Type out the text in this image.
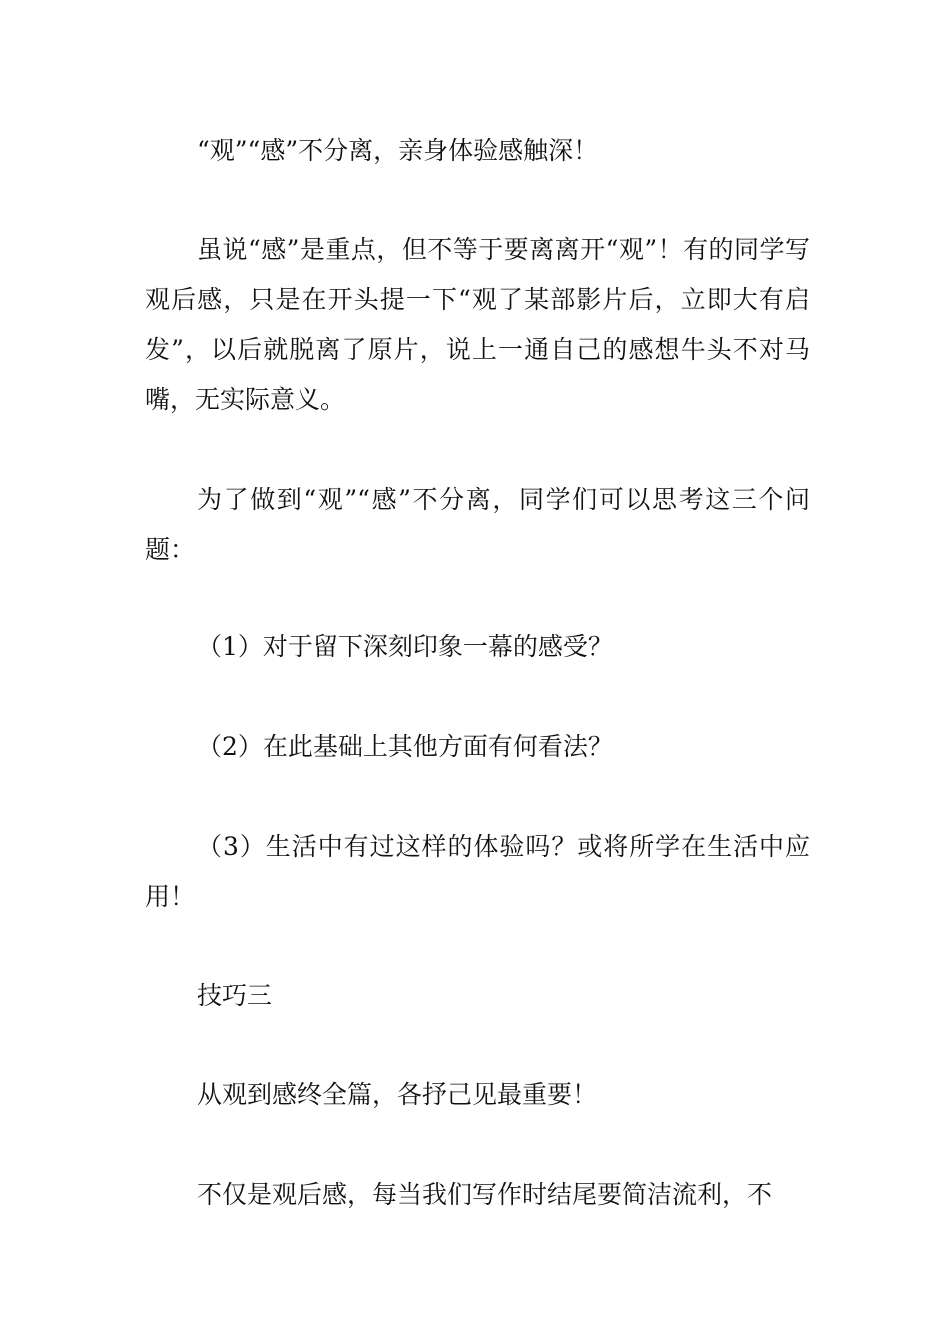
“观”“感”不分离，亲身体验感触深！

虽说“感”是重点，但不等于要离离开“观”！有的同学写观后感，只是在开头提一下“观了某部影片后，立即大有启发”，以后就脱离了原片，说上一通自己的感想牛头不对马嘴，无实际意义。

为了做到“观”“感”不分离，同学们可以思考这三个问题：

（1）对于留下深刻印象一幕的感受？

（2）在此基础上其他方面有何看法？

（3）生活中有过这样的体验吗？或将所学在生活中应用！

技巧三

从观到感终全篇，各抒己见最重要！

不仅是观后感，每当我们写作时结尾要简洁流利，不
